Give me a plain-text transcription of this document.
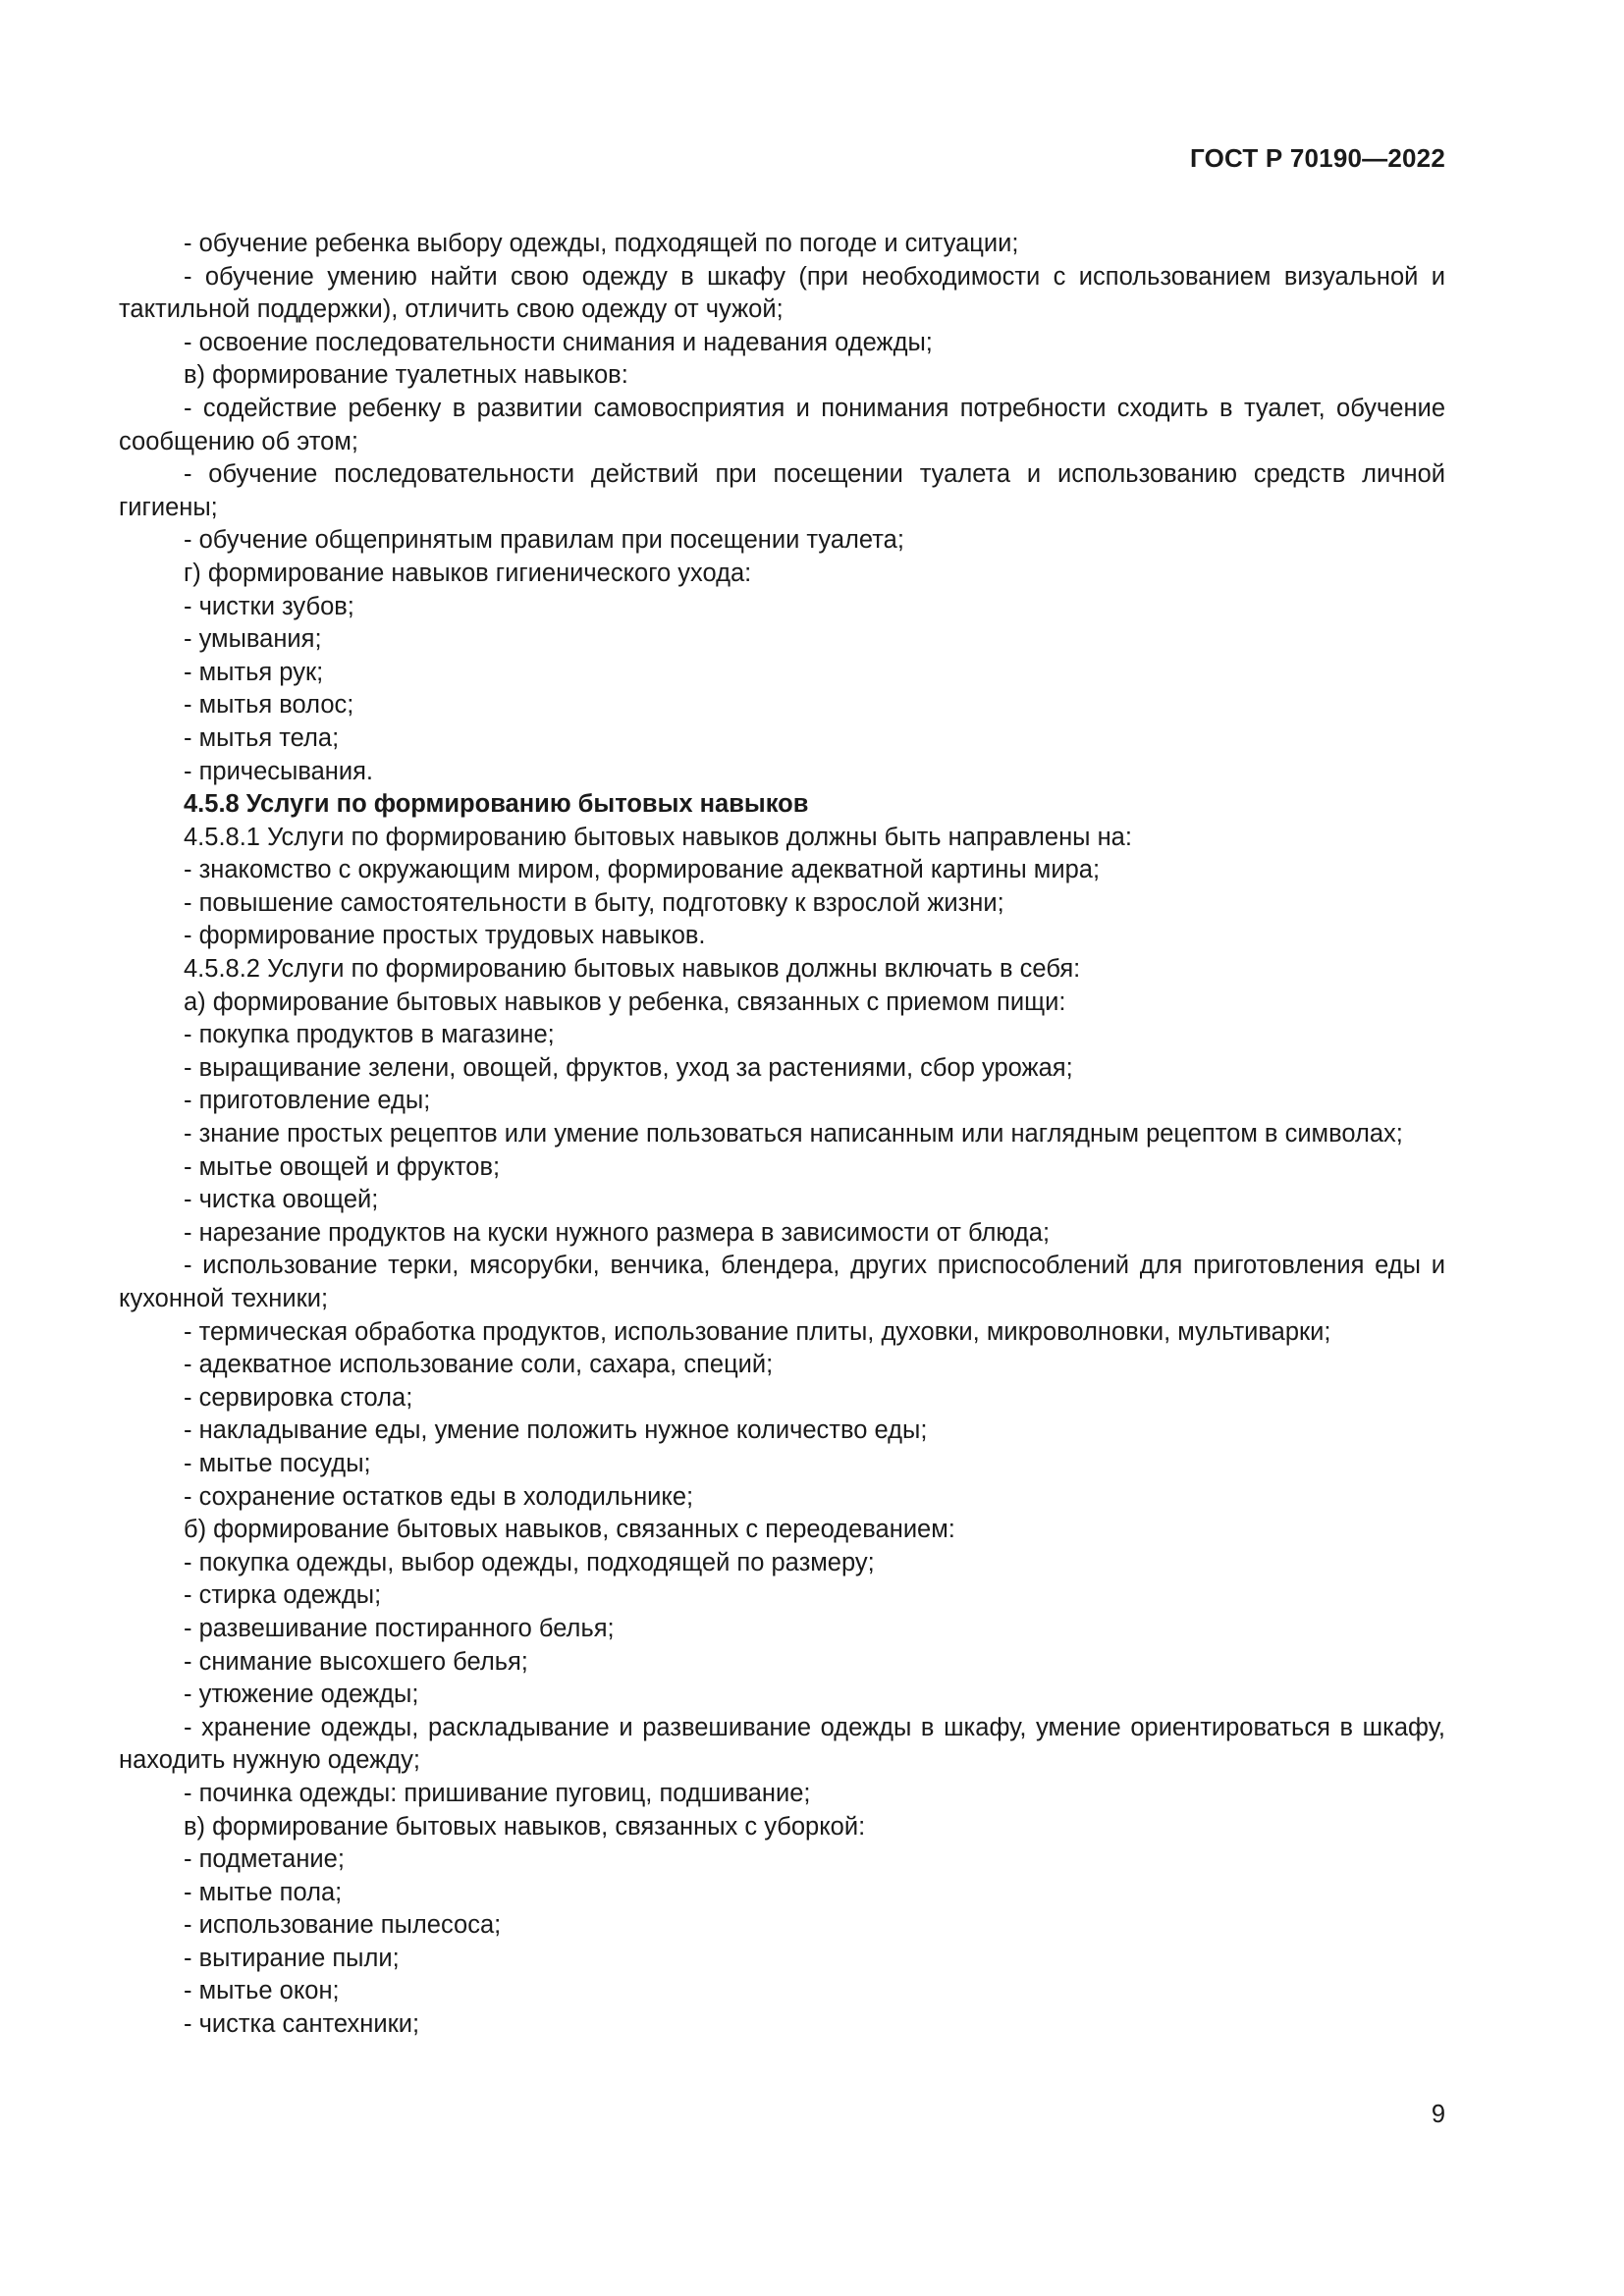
ГОСТ Р 70190—2022

- обучение ребенка выбору одежды, подходящей по погоде и ситуации;

- обучение умению найти свою одежду в шкафу (при необходимости с использованием визуальной и тактильной поддержки), отличить свою одежду от чужой;

- освоение последовательности снимания и надевания одежды;

в) формирование туалетных навыков:

- содействие ребенку в развитии самовосприятия и понимания потребности сходить в туалет, обучение сообщению об этом;

- обучение последовательности действий при посещении туалета и использованию средств личной гигиены;

- обучение общепринятым правилам при посещении туалета;

г) формирование навыков гигиенического ухода:

- чистки зубов;

- умывания;

- мытья рук;

- мытья волос;

- мытья тела;

- причесывания.

4.5.8 Услуги по формированию бытовых навыков

4.5.8.1 Услуги по формированию бытовых навыков должны быть направлены на:

- знакомство с окружающим миром, формирование адекватной картины мира;

- повышение самостоятельности в быту, подготовку к взрослой жизни;

- формирование простых трудовых навыков.

4.5.8.2 Услуги по формированию бытовых навыков должны включать в себя:

а) формирование бытовых навыков у ребенка, связанных с приемом пищи:

- покупка продуктов в магазине;

- выращивание зелени, овощей, фруктов, уход за растениями, сбор урожая;

- приготовление еды;

- знание простых рецептов или умение пользоваться написанным или наглядным рецептом в символах;

- мытье овощей и фруктов;

- чистка овощей;

- нарезание продуктов на куски нужного размера в зависимости от блюда;

- использование терки, мясорубки, венчика, блендера, других приспособлений для приготовления еды и кухонной техники;

- термическая обработка продуктов, использование плиты, духовки, микроволновки, мультиварки;

- адекватное использование соли, сахара, специй;

- сервировка стола;

- накладывание еды, умение положить нужное количество еды;

- мытье посуды;

- сохранение остатков еды в холодильнике;

б) формирование бытовых навыков, связанных с переодеванием:

- покупка одежды, выбор одежды, подходящей по размеру;

- стирка одежды;

- развешивание постиранного белья;

- снимание высохшего белья;

- утюжение одежды;

- хранение одежды, раскладывание и развешивание одежды в шкафу, умение ориентироваться в шкафу, находить нужную одежду;

- починка одежды: пришивание пуговиц, подшивание;

в) формирование бытовых навыков, связанных с уборкой:

- подметание;

- мытье пола;

- использование пылесоса;

- вытирание пыли;

- мытье окон;

- чистка сантехники;

9
